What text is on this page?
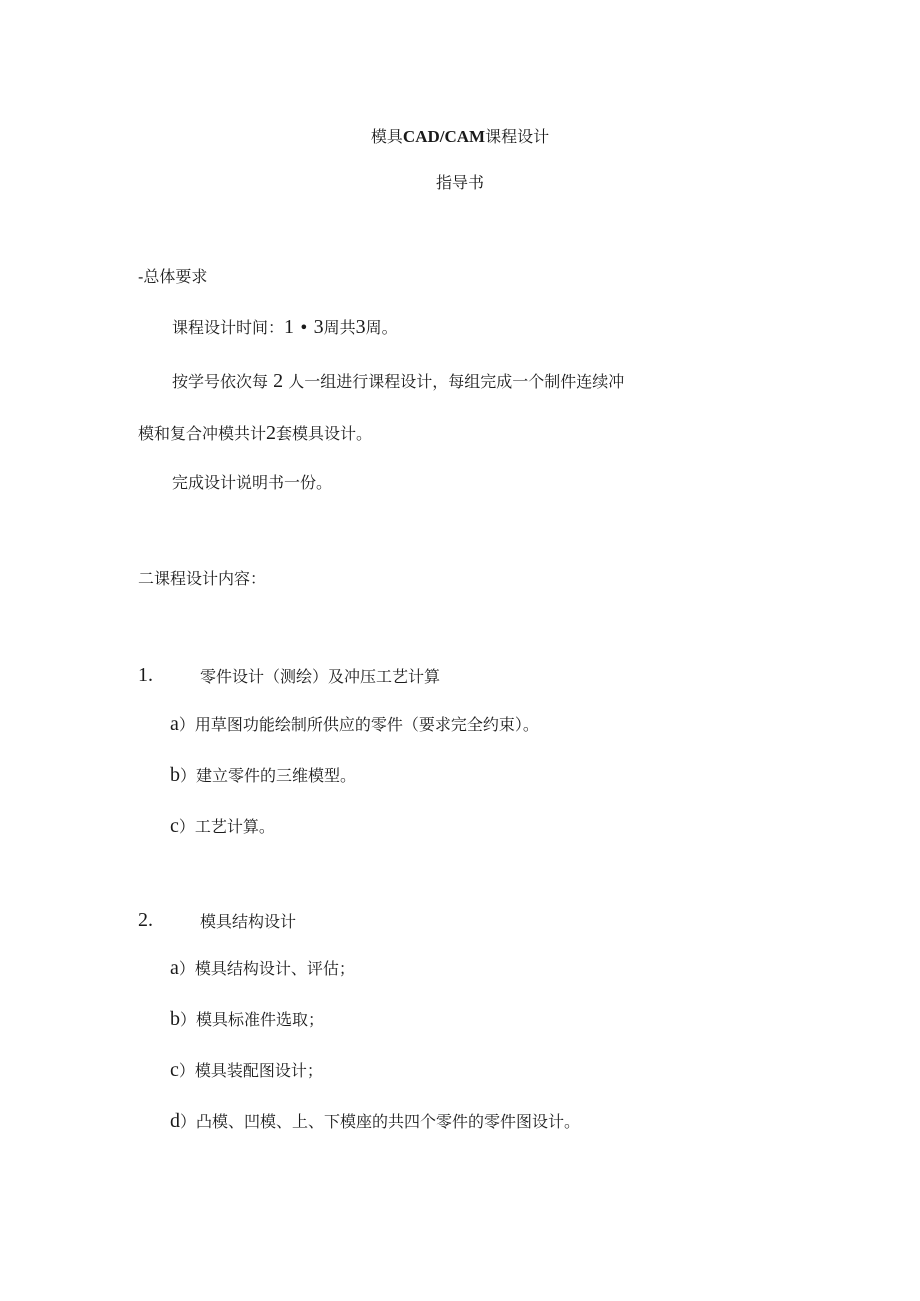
模具CAD/CAM课程设计
指导书
-总体要求
课程设计时间：1 • 3周共3周。
按学号依次每 2 人一组进行课程设计，每组完成一个制件连续冲
模和复合冲模共计2套模具设计。
完成设计说明书一份。
二课程设计内容：
1.	零件设计（测绘）及冲压工艺计算
a）用草图功能绘制所供应的零件（要求完全约束）。
b）建立零件的三维模型。
c）工艺计算。
2.	模具结构设计
a）模具结构设计、评估；
b）模具标准件选取；
c）模具装配图设计；
d）凸模、凹模、上、下模座的共四个零件的零件图设计。
